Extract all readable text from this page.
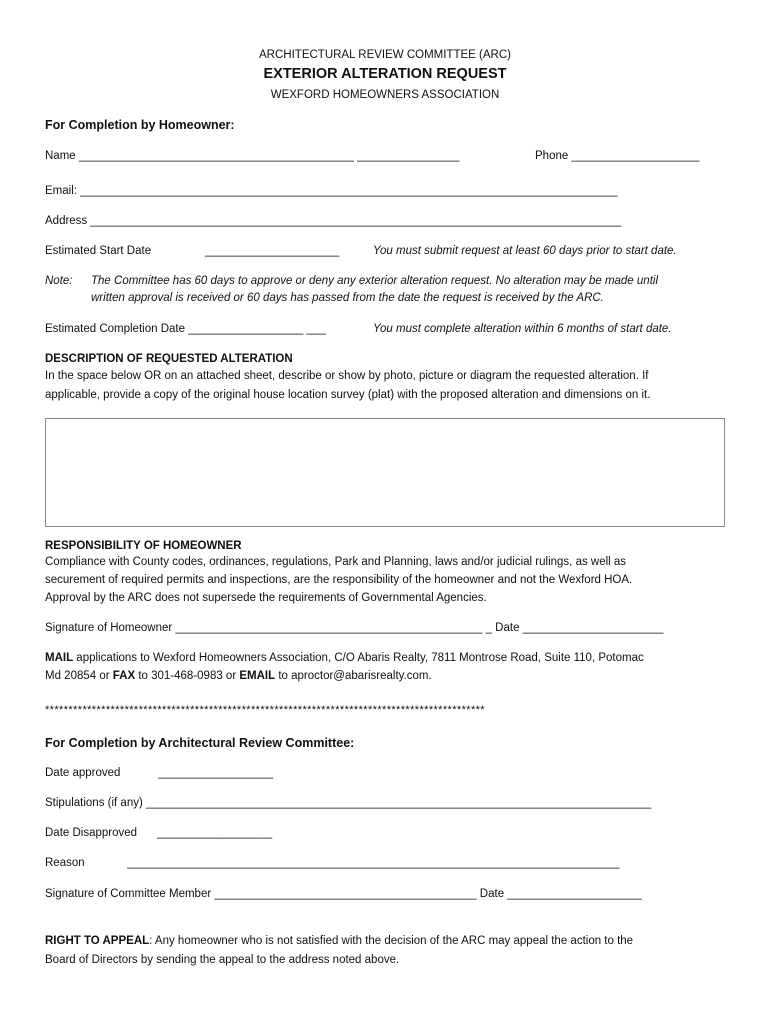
ARCHITECTURAL REVIEW COMMITTEE (ARC)
EXTERIOR ALTERATION REQUEST
WEXFORD HOMEOWNERS ASSOCIATION
For Completion by Homeowner:
Name ___________________________________________ ________________	Phone ____________________
Email: ____________________________________________________________________________________
Address ___________________________________________________________________________________
Estimated Start Date	_____________________	You must submit request at least 60 days prior to start date.
Note: The Committee has 60 days to approve or deny any exterior alteration request. No alteration may be made until
written approval is received or 60 days has passed from the date the request is received by the ARC.
Estimated Completion Date __________________ ___	You must complete alteration within 6 months of start date.
DESCRIPTION OF REQUESTED ALTERATION
In the space below OR on an attached sheet, describe or show by photo, picture or diagram the requested alteration. If
applicable, provide a copy of the original house location survey (plat) with the proposed alteration and dimensions on it.
RESPONSIBILITY OF HOMEOWNER
Compliance with County codes, ordinances, regulations, Park and Planning, laws and/or judicial rulings, as well as
securement of required permits and inspections, are the responsibility of the homeowner and not the Wexford HOA.
Approval by the ARC does not supersede the requirements of Governmental Agencies.
Signature of Homeowner ________________________________________________ _ Date ______________________
MAIL applications to Wexford Homeowners Association, C/O Abaris Realty, 7811 Montrose Road, Suite 110, Potomac
Md 20854 or FAX to 301-468-0983 or EMAIL to aproctor@abarisrealty.com.
**********************************************************************************************
For Completion by Architectural Review Committee:
Date approved	__________________
Stipulations (if any) _______________________________________________________________________________
Date Disapproved __________________
Reason	_____________________________________________________________________________
Signature of Committee Member _________________________________________ Date _____________________
RIGHT TO APPEAL: Any homeowner who is not satisfied with the decision of the ARC may appeal the action to the
Board of Directors by sending the appeal to the address noted above.
